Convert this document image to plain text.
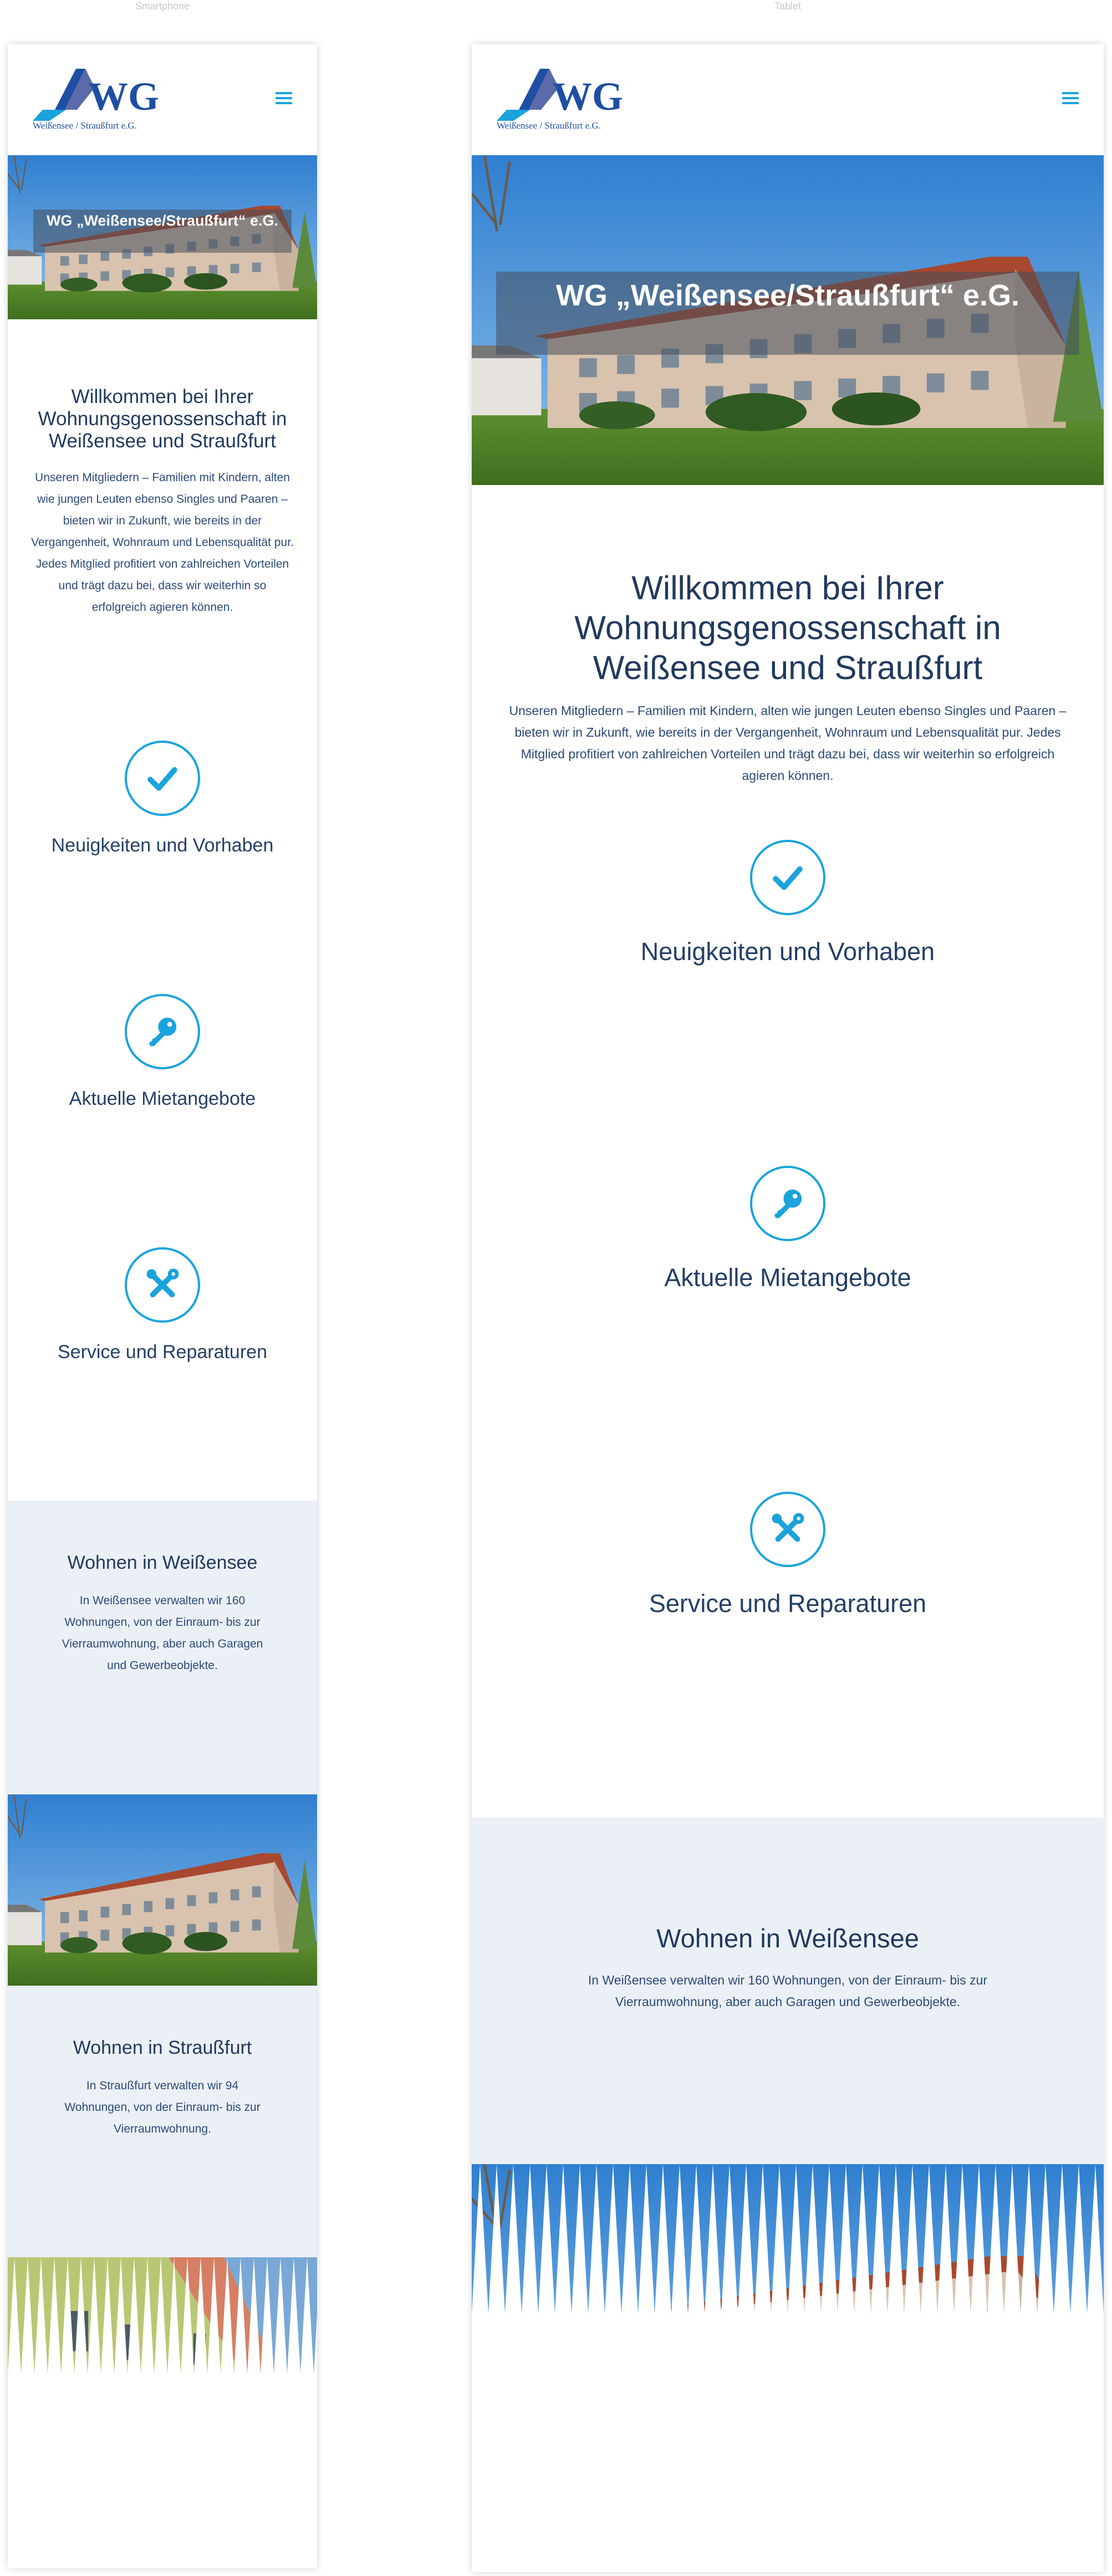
Smartphone	Tablet
WG
Weißensee / Straußfurt e.G.
WG „Weißensee/Straußfurt“ e.G.
Willkommen bei Ihrer Wohnungsgenossenschaft in Weißensee und Straußfurt

Unseren Mitgliedern – Familien mit Kindern, alten wie jungen Leuten ebenso Singles und Paaren – bieten wir in Zukunft, wie bereits in der Vergangenheit, Wohnraum und Lebensqualität pur. Jedes Mitglied profitiert von zahlreichen Vorteilen und trägt dazu bei, dass wir weiterhin so erfolgreich agieren können.

Neuigkeiten und Vorhaben
Aktuelle Mietangebote
Service und Reparaturen
Wohnen in Weißensee

In Weißensee verwalten wir 160 Wohnungen, von der Einraum- bis zur Vierraumwohnung, aber auch Garagen und Gewerbeobjekte.

Wohnen in Straußfurt

In Straußfurt verwalten wir 94 Wohnungen, von der Einraum- bis zur Vierraumwohnung.

WG
Weißensee / Straußfurt e.G.
WG „Weißensee/Straußfurt“ e.G.
Willkommen bei Ihrer Wohnungsgenossenschaft in Weißensee und Straußfurt

Unseren Mitgliedern – Familien mit Kindern, alten wie jungen Leuten ebenso Singles und Paaren – bieten wir in Zukunft, wie bereits in der Vergangenheit, Wohnraum und Lebensqualität pur. Jedes Mitglied profitiert von zahlreichen Vorteilen und trägt dazu bei, dass wir weiterhin so erfolgreich agieren können.

Neuigkeiten und Vorhaben
Aktuelle Mietangebote
Service und Reparaturen
Wohnen in Weißensee

In Weißensee verwalten wir 160 Wohnungen, von der Einraum- bis zur Vierraumwohnung, aber auch Garagen und Gewerbeobjekte.
